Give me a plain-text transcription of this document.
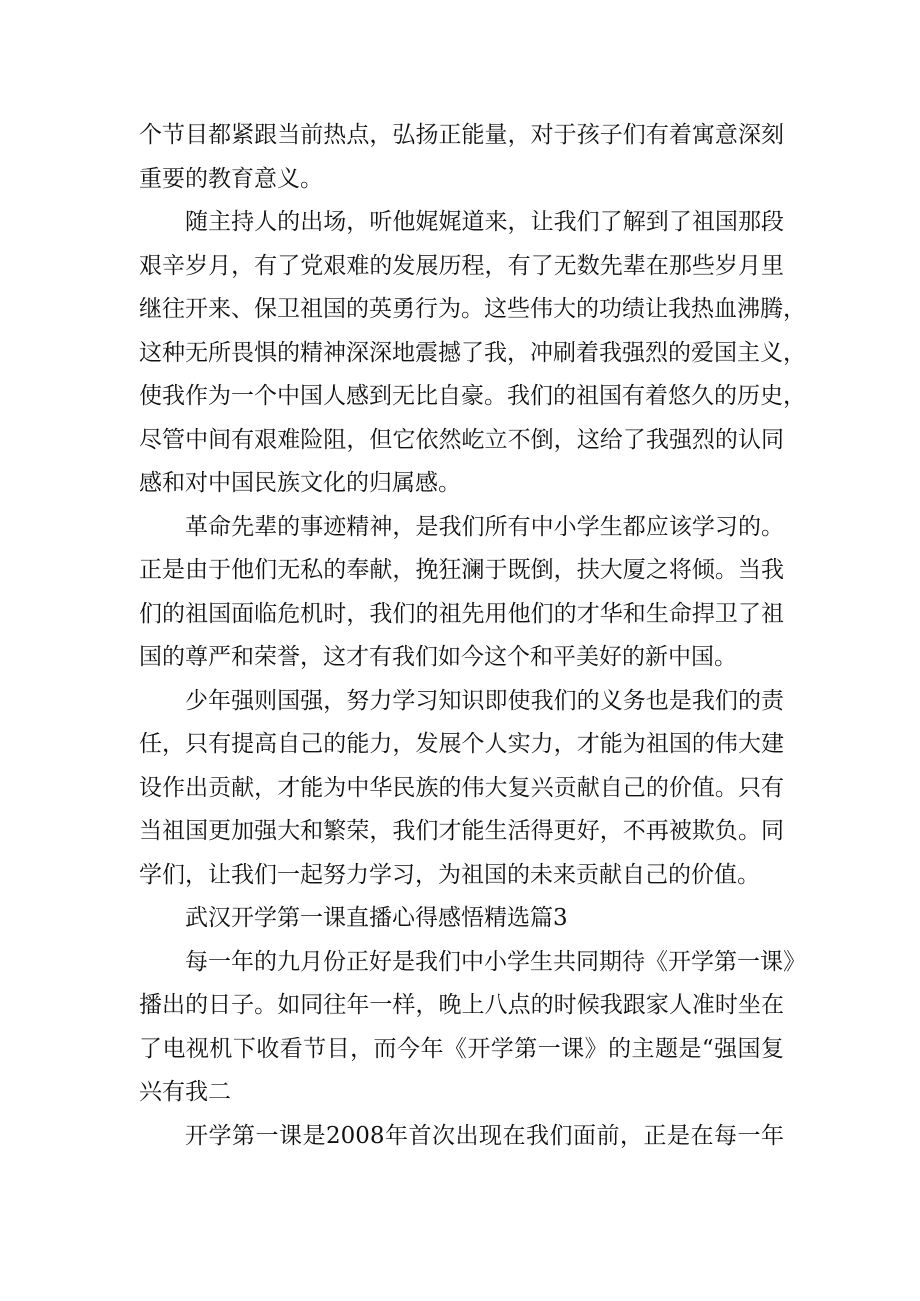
个节目都紧跟当前热点，弘扬正能量，对于孩子们有着寓意深刻
重要的教育意义。
随主持人的出场，听他娓娓道来，让我们了解到了祖国那段
艰辛岁月，有了党艰难的发展历程，有了无数先辈在那些岁月里
继往开来、保卫祖国的英勇行为。这些伟大的功绩让我热血沸腾，
这种无所畏惧的精神深深地震撼了我，冲刷着我强烈的爱国主义，
使我作为一个中国人感到无比自豪。我们的祖国有着悠久的历史，
尽管中间有艰难险阻，但它依然屹立不倒，这给了我强烈的认同
感和对中国民族文化的归属感。
革命先辈的事迹精神，是我们所有中小学生都应该学习的。
正是由于他们无私的奉献，挽狂澜于既倒，扶大厦之将倾。当我
们的祖国面临危机时，我们的祖先用他们的才华和生命捍卫了祖
国的尊严和荣誉，这才有我们如今这个和平美好的新中国。
少年强则国强，努力学习知识即使我们的义务也是我们的责
任，只有提高自己的能力，发展个人实力，才能为祖国的伟大建
设作出贡献，才能为中华民族的伟大复兴贡献自己的价值。只有
当祖国更加强大和繁荣，我们才能生活得更好，不再被欺负。同
学们，让我们一起努力学习，为祖国的未来贡献自己的价值。
武汉开学第一课直播心得感悟精选篇3
每一年的九月份正好是我们中小学生共同期待《开学第一课》
播出的日子。如同往年一样，晚上八点的时候我跟家人准时坐在
了电视机下收看节目，而今年《开学第一课》的主题是“强国复
兴有我二
开学第一课是2008年首次出现在我们面前，正是在每一年
